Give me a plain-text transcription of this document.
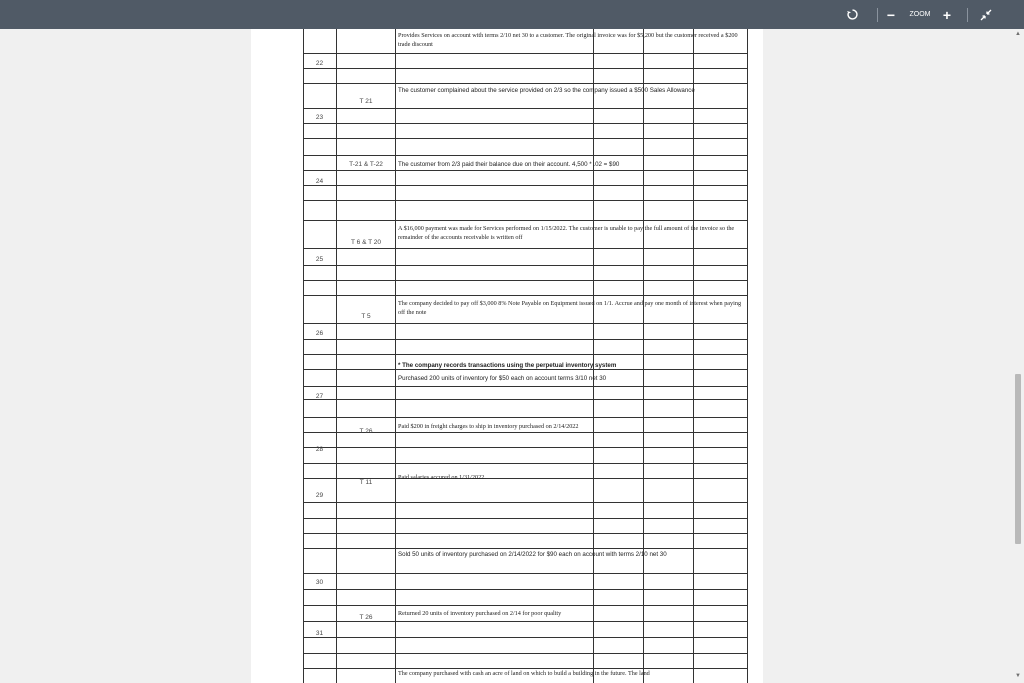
−	ZOOM +
Provides Services on account with terms 2/10 net 30 to a customer. The original invoice was for $5,200 but the customer received a $200 trade discount
22
The customer complained about the service provided on 2/3 so the company issued a $500 Sales Allowance
T 21
23
T-21 & T-22	The customer from 2/3 paid their balance due on their account. 4,500 * .02 = $90
24
A $16,000 payment was made for Services performed on 1/15/2022. The customer is unable to pay the full amount of the invoice so the remainder of the accounts receivable is written off
T 6 & T 20
25
The company decided to pay off $3,000 8% Note Payable on Equipment issued on 1/1. Accrue and pay one month of interest when paying off the note
T 5
26
* The company records transactions using the perpetual inventory system
Purchased 200 units of inventory for $50 each on account terms 3/10 net 30
27
T 26
Paid $200 in freight charges to ship in inventory purchased on 2/14/2022
28
T 11
Paid salaries accured on 1/31/2022.
29
Sold 50 units of inventory purchased on 2/14/2022 for $90 each on account with terms 2/10 net 30
30
T 26
Returned 20 units of inventory purchased on 2/14 for poor quality
31
The company purchased with cash an acre of land on which to build a building in the future. The land
▲
▼
